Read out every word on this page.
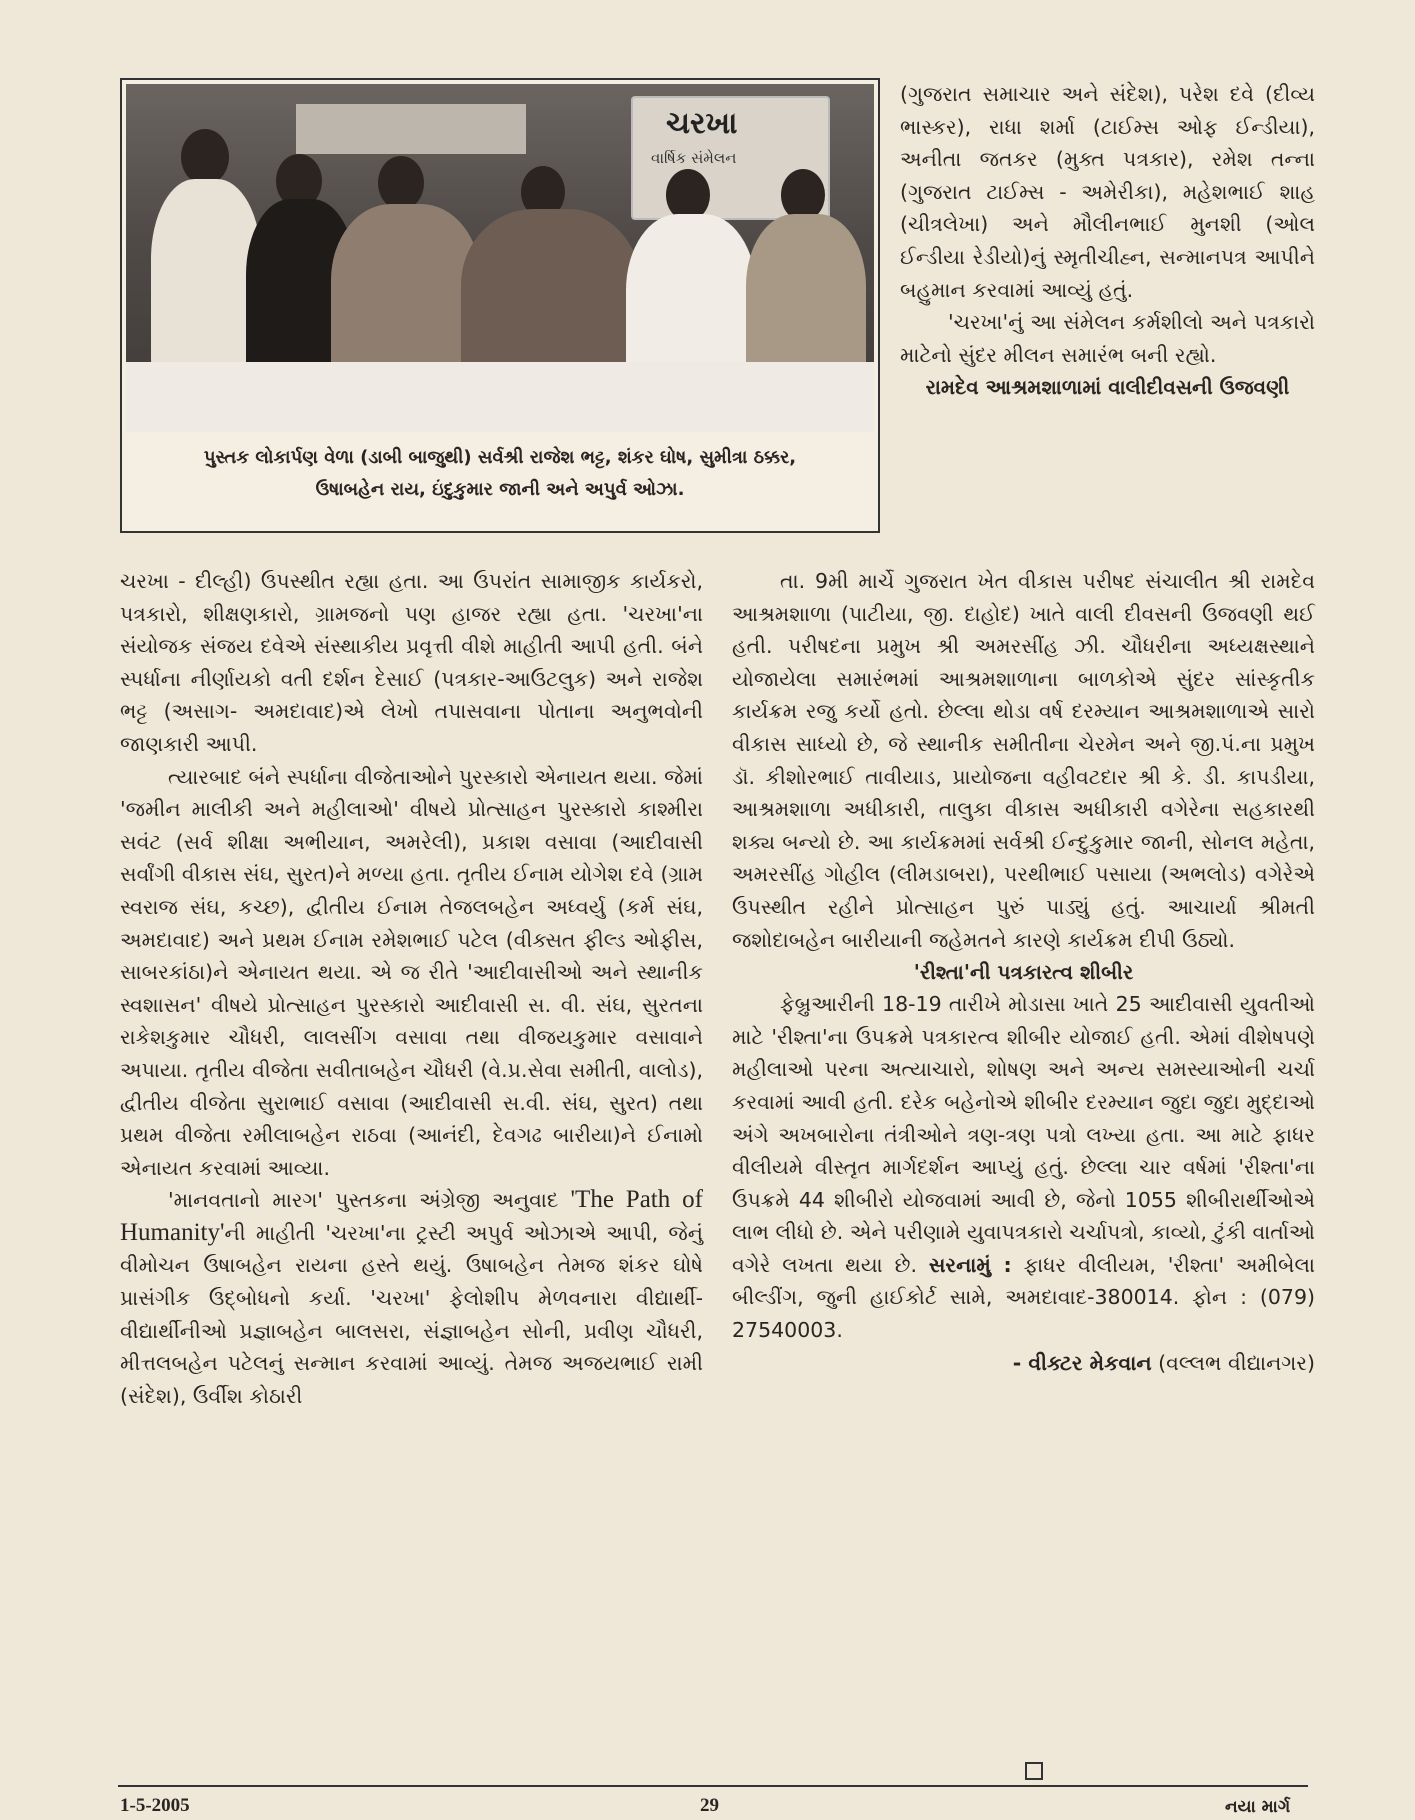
ચરખા
વાર્ષિક સંમેલન
પુસ્તક લોકાર્પણ વેળા (ડાબી બાજુથી) સર્વશ્રી રાજેશ ભટ્ટ, શંકર ઘોષ, સુમીત્રા ઠક્કર,
ઉષાબહેન રાય, ઇંદુકુમાર જાની અને અપુર્વ ઓઝા.

(ગુજરાત સમાચાર અને સંદેશ), પરેશ દવે (દીવ્ય ભાસ્કર), રાધા શર્મા (ટાઈમ્સ ઓફ ઈન્ડીયા), અનીતા જતકર (મુક્ત પત્રકાર), રમેશ તન્ના (ગુજરાત ટાઈમ્સ - અમેરીકા), મહેશભાઈ શાહ (ચીત્રલેખા) અને મૌલીનભાઈ મુનશી (ઓલ ઈન્ડીયા રેડીયો)નું સ્મૃતીચીહ્ન, સન્માનપત્ર આપીને બહુમાન કરવામાં આવ્યું હતું.

'ચરખા'નું આ સંમેલન કર્મશીલો અને પત્રકારો માટેનો સુંદર મીલન સમારંભ બની રહ્યો.

રામદેવ આશ્રમશાળામાં વાલીદીવસની ઉજવણી

ચરખા - દીલ્હી) ઉપસ્થીત રહ્યા હતા. આ ઉપરાંત સામાજીક કાર્યકરો, પત્રકારો, શીક્ષણકારો, ગ્રામજનો પણ હાજર રહ્યા હતા. 'ચરખા'ના સંયોજક સંજય દવેએ સંસ્થાકીય પ્રવૃત્તી વીશે માહીતી આપી હતી. બંને સ્પર્ધાના નીર્ણાયકો વતી દર્શન દેસાઈ (પત્રકાર-આઉટલુક) અને રાજેશ ભટ્ટ (અસાગ- અમદાવાદ)એ લેખો તપાસવાના પોતાના અનુભવોની જાણકારી આપી.

ત્યારબાદ બંને સ્પર્ધાના વીજેતાઓને પુરસ્કારો એનાયત થયા. જેમાં 'જમીન માલીકી અને મહીલાઓ' વીષયે પ્રોત્સાહન પુરસ્કારો કાશ્મીરા સવંટ (સર્વ શીક્ષા અભીયાન, અમરેલી), પ્રકાશ વસાવા (આદીવાસી સર્વાંગી વીકાસ સંઘ, સુરત)ને મળ્યા હતા. તૃતીય ઈનામ યોગેશ દવે (ગ્રામ સ્વરાજ સંઘ, કચ્છ), દ્વીતીય ઈનામ તેજલબહેન અધ્વર્યુ (કર્મ સંઘ, અમદાવાદ) અને પ્રથમ ઈનામ રમેશભાઈ પટેલ (વીક્સત ફીલ્ડ ઓફીસ, સાબરકાંઠા)ને એનાયત થયા. એ જ રીતે 'આદીવાસીઓ અને સ્થાનીક સ્વશાસન' વીષયે પ્રોત્સાહન પુરસ્કારો આદીવાસી સ. વી. સંઘ, સુરતના રાકેશકુમાર ચૌધરી, લાલસીંગ વસાવા તથા વીજયકુમાર વસાવાને અપાયા. તૃતીય વીજેતા સવીતાબહેન ચૌધરી (વે.પ્ર.સેવા સમીતી, વાલોડ), દ્વીતીય વીજેતા સુરાભાઈ વસાવા (આદીવાસી સ.વી. સંઘ, સુરત) તથા પ્રથમ વીજેતા રમીલાબહેન રાઠવા (આનંદી, દેવગઢ બારીયા)ને ઈનામો એનાયત કરવામાં આવ્યા.

'માનવતાનો મારગ' પુસ્તકના અંગ્રેજી અનુવાદ 'The Path of Humanity'ની માહીતી 'ચરખા'ના ટ્રસ્ટી અપુર્વ ઓઝાએ આપી, જેનું વીમોચન ઉષાબહેન રાયના હસ્તે થયું. ઉષાબહેન તેમજ શંકર ઘોષે પ્રાસંગીક ઉદ્‌બોધનો કર્યા. 'ચરખા' ફેલોશીપ મેળવનારા વીદ્યાર્થી-વીદ્યાર્થીનીઓ પ્રજ્ઞાબહેન બાલસરા, સંજ્ઞાબહેન સોની, પ્રવીણ ચૌધરી, મીત્તલબહેન પટેલનું સન્માન કરવામાં આવ્યું. તેમજ અજયભાઈ રામી (સંદેશ), ઉર્વીશ કોઠારી

તા. 9મી માર્ચે ગુજરાત ખેત વીકાસ પરીષદ સંચાલીત શ્રી રામદેવ આશ્રમશાળા (પાટીયા, જી. દાહોદ) ખાતે વાલી દીવસની ઉજવણી થઈ હતી. પરીષદના પ્રમુખ શ્રી અમરસીંહ ઝી. ચૌધરીના અધ્યક્ષસ્થાને યોજાયેલા સમારંભમાં આશ્રમશાળાના બાળકોએ સુંદર સાંસ્કૃતીક કાર્યક્રમ રજુ કર્યો હતો. છેલ્લા થોડા વર્ષ દરમ્યાન આશ્રમશાળાએ સારો વીકાસ સાધ્યો છે, જે સ્થાનીક સમીતીના ચેરમેન અને જી.પં.ના પ્રમુખ ડૉ. કીશોરભાઈ તાવીયાડ, પ્રાયોજના વહીવટદાર શ્રી કે. ડી. કાપડીયા, આશ્રમશાળા અધીકારી, તાલુકા વીકાસ અધીકારી વગેરેના સહકારથી શક્ય બન્યો છે. આ કાર્યક્રમમાં સર્વશ્રી ઈન્દુકુમાર જાની, સોનલ મહેતા, અમરસીંહ ગોહીલ (લીમડાબરા), પરથીભાઈ પસાયા (અભલોડ) વગેરેએ ઉપસ્થીત રહીને પ્રોત્સાહન પુરું પાડ્યું હતું. આચાર્યા શ્રીમતી જશોદાબહેન બારીયાની જહેમતને કારણે કાર્યક્રમ દીપી ઉઠ્યો.

'રીશ્તા'ની પત્રકારત્વ શીબીર

ફેબ્રુઆરીની 18-19 તારીખે મોડાસા ખાતે 25 આદીવાસી યુવતીઓ માટે 'રીશ્તા'ના ઉપક્રમે પત્રકારત્વ શીબીર યોજાઈ હતી. એમાં વીશેષપણે મહીલાઓ પરના અત્યાચારો, શોષણ અને અન્ય સમસ્યાઓની ચર્ચા કરવામાં આવી હતી. દરેક બહેનોએ શીબીર દરમ્યાન જુદા જુદા મુદ્દાઓ અંગે અખબારોના તંત્રીઓને ત્રણ-ત્રણ પત્રો લખ્યા હતા. આ માટે ફાધર વીલીયમે વીસ્તૃત માર્ગદર્શન આપ્યું હતું. છેલ્લા ચાર વર્ષમાં 'રીશ્તા'ના ઉપક્રમે 44 શીબીરો યોજવામાં આવી છે, જેનો 1055 શીબીરાર્થીઓએ લાભ લીધો છે. એને પરીણામે યુવાપત્રકારો ચર્ચાપત્રો, કાવ્યો, ટુંકી વાર્તાઓ વગેરે લખતા થયા છે. સરનામું : ફાધર વીલીયમ, 'રીશ્તા' અમીબેલા બીલ્ડીંગ, જુની હાઈકોર્ટ સામે, અમદાવાદ-380014. ફોન : (079) 27540003.

- વીક્ટર મેકવાન (વલ્લભ વીદ્યાનગર)

1-5-2005	29	નયા માર્ગ
